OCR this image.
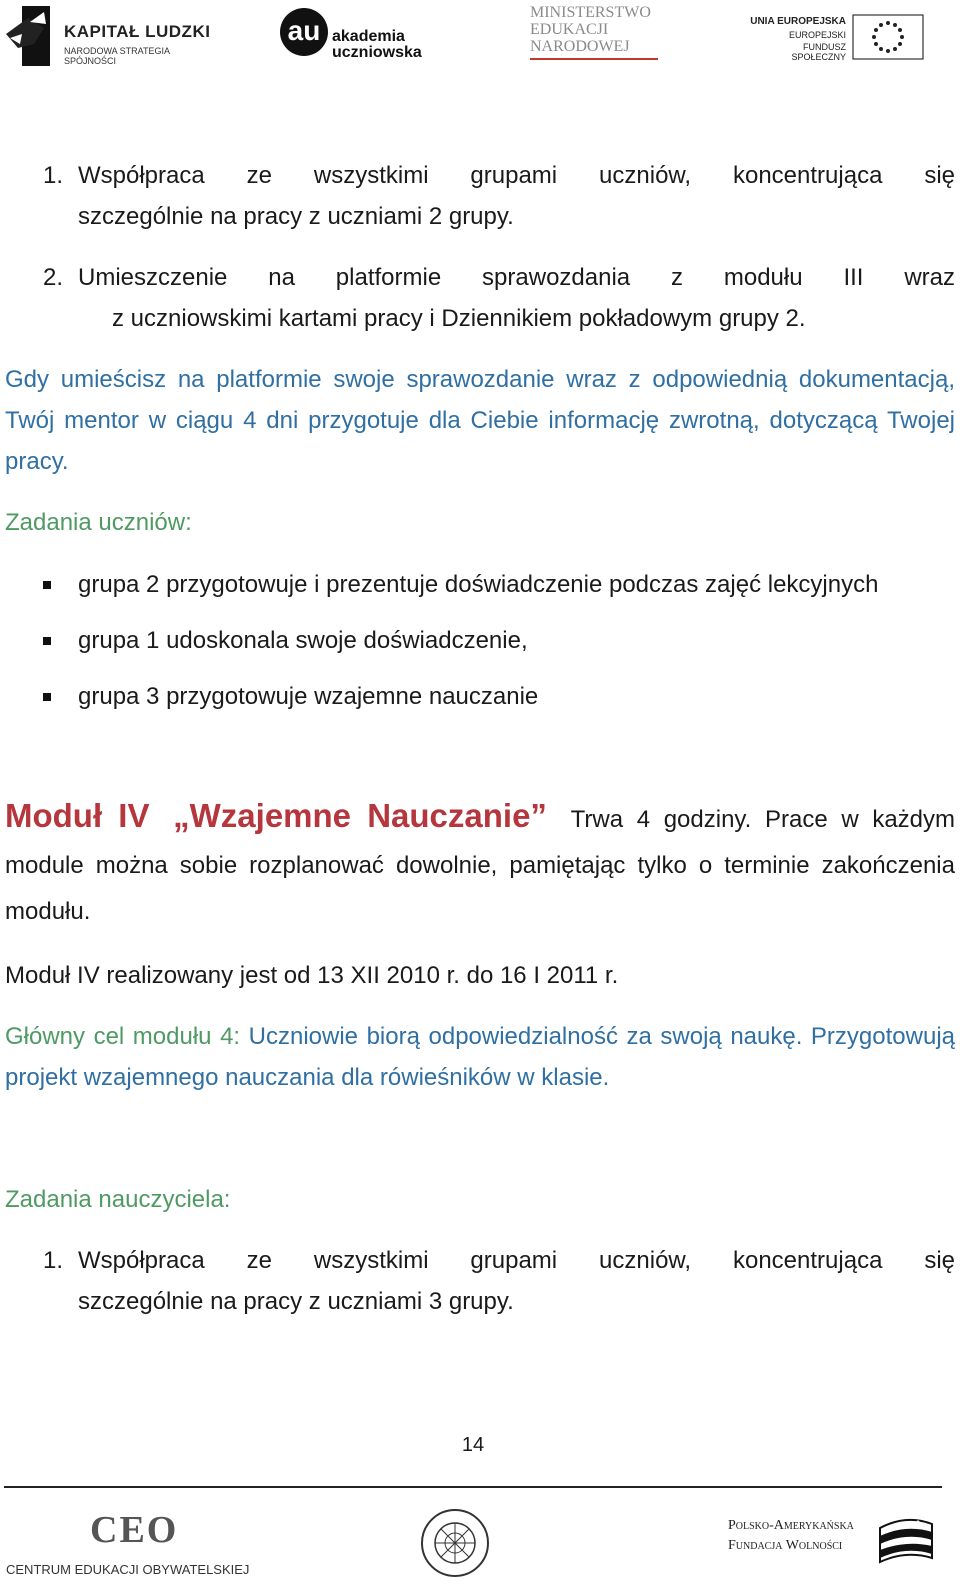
KAPITAŁ LUDZKI
NARODOWA STRATEGIA SPÓJNOŚCI
au akademia
uczniowska
MINISTERSTWO
EDUKACJI
NARODOWEJ
UNIA EUROPEJSKA
EUROPEJSKI
FUNDUSZ SPOŁECZNY
1. Współpraca ze wszystkimi grupami uczniów, koncentrująca się
szczególnie na pracy z uczniami 2 grupy.
2. Umieszczenie na platformie sprawozdania z modułu III wraz
z uczniowskimi kartami pracy i Dziennikiem pokładowym grupy 2.
Gdy umieścisz na platformie swoje sprawozdanie wraz z odpowiednią dokumentacją, Twój mentor w ciągu 4 dni przygotuje dla Ciebie informację zwrotną, dotyczącą Twojej pracy.
Zadania uczniów:
grupa 2 przygotowuje i prezentuje doświadczenie podczas zajęć lekcyjnych
grupa 1 udoskonala swoje doświadczenie,
grupa 3 przygotowuje wzajemne nauczanie
Moduł IV „Wzajemne Nauczanie” Trwa 4 godziny. Prace w każdym module można sobie rozplanować dowolnie, pamiętając tylko o terminie zakończenia modułu.
Moduł IV realizowany jest od 13 XII 2010 r. do 16 I 2011 r.
Główny cel modułu 4: Uczniowie biorą odpowiedzialność za swoją naukę. Przygotowują projekt wzajemnego nauczania dla rówieśników w klasie.
Zadania nauczyciela:
1. Współpraca ze wszystkimi grupami uczniów, koncentrująca się
szczególnie na pracy z uczniami 3 grupy.
14
CEO
CENTRUM EDUKACJI OBYWATELSKIEJ
Polsko-Amerykańska
Fundacja Wolności
